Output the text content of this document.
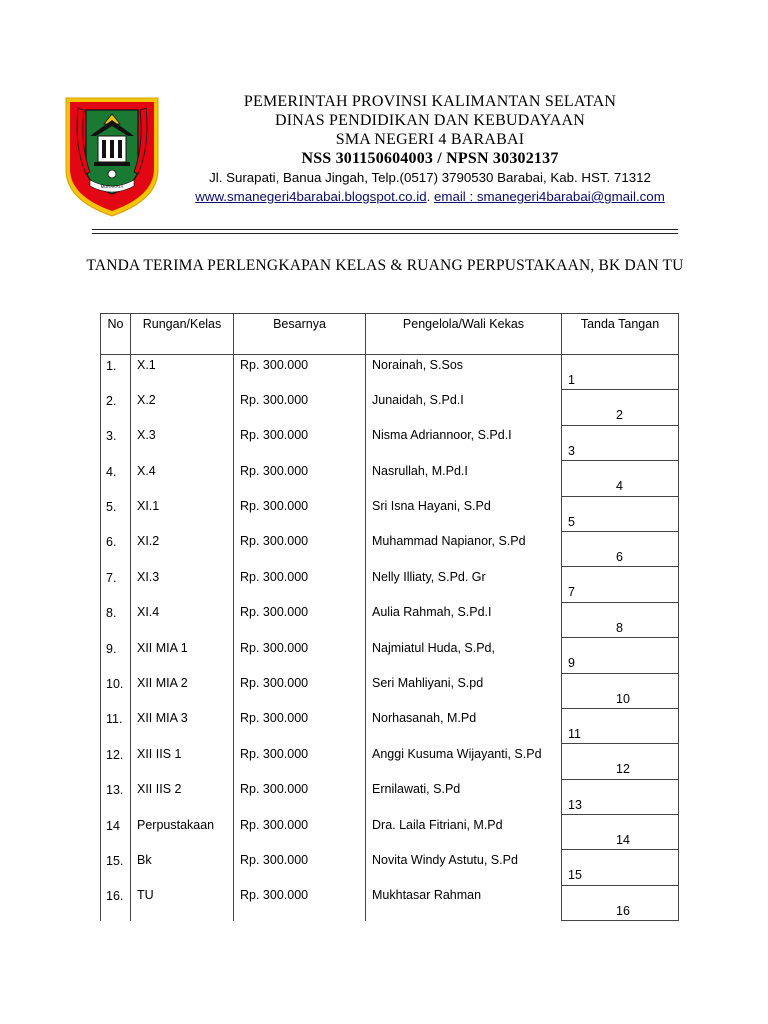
MURAKATA
PEMERINTAH PROVINSI KALIMANTAN SELATAN
DINAS PENDIDIKAN DAN KEBUDAYAAN
SMA NEGERI 4 BARABAI
NSS 301150604003 / NPSN 30302137
Jl. Surapati, Banua Jingah, Telp.(0517) 3790530 Barabai, Kab. HST. 71312
www.smanegeri4barabai.blogspot.co.id. email : smanegeri4barabai@gmail.com
TANDA TERIMA PERLENGKAPAN KELAS & RUANG PERPUSTAKAAN, BK DAN TU
No	Rungan/Kelas	Besarnya	Pengelola/Wali Kekas	Tanda Tangan

1.	X.1	Rp. 300.000	Norainah, S.Sos	1

2.	X.2	Rp. 300.000	Junaidah, S.Pd.I	2

3.	X.3	Rp. 300.000	Nisma Adriannoor, S.Pd.I	3

4.	X.4	Rp. 300.000	Nasrullah, M.Pd.I	4

5.	XI.1	Rp. 300.000	Sri Isna Hayani, S.Pd	5

6.	XI.2	Rp. 300.000	Muhammad Napianor, S.Pd	6

7.	XI.3	Rp. 300.000	Nelly Illiaty, S.Pd. Gr	7

8.	XI.4	Rp. 300.000	Aulia Rahmah, S.Pd.I	8

9.	XII MIA 1	Rp. 300.000	Najmiatul Huda, S.Pd,	9

10.	XII MIA 2	Rp. 300.000	Seri Mahliyani, S.pd	10

11.	XII MIA 3	Rp. 300.000	Norhasanah, M.Pd	11

12.	XII IIS 1	Rp. 300.000	Anggi Kusuma Wijayanti, S.Pd	12

13.	XII IIS 2	Rp. 300.000	Ernilawati, S.Pd	13

14	Perpustakaan	Rp. 300.000	Dra. Laila Fitriani, M.Pd	14

15.	Bk	Rp. 300.000	Novita Windy Astutu, S.Pd	15

16.	TU	Rp. 300.000	Mukhtasar Rahman	16
